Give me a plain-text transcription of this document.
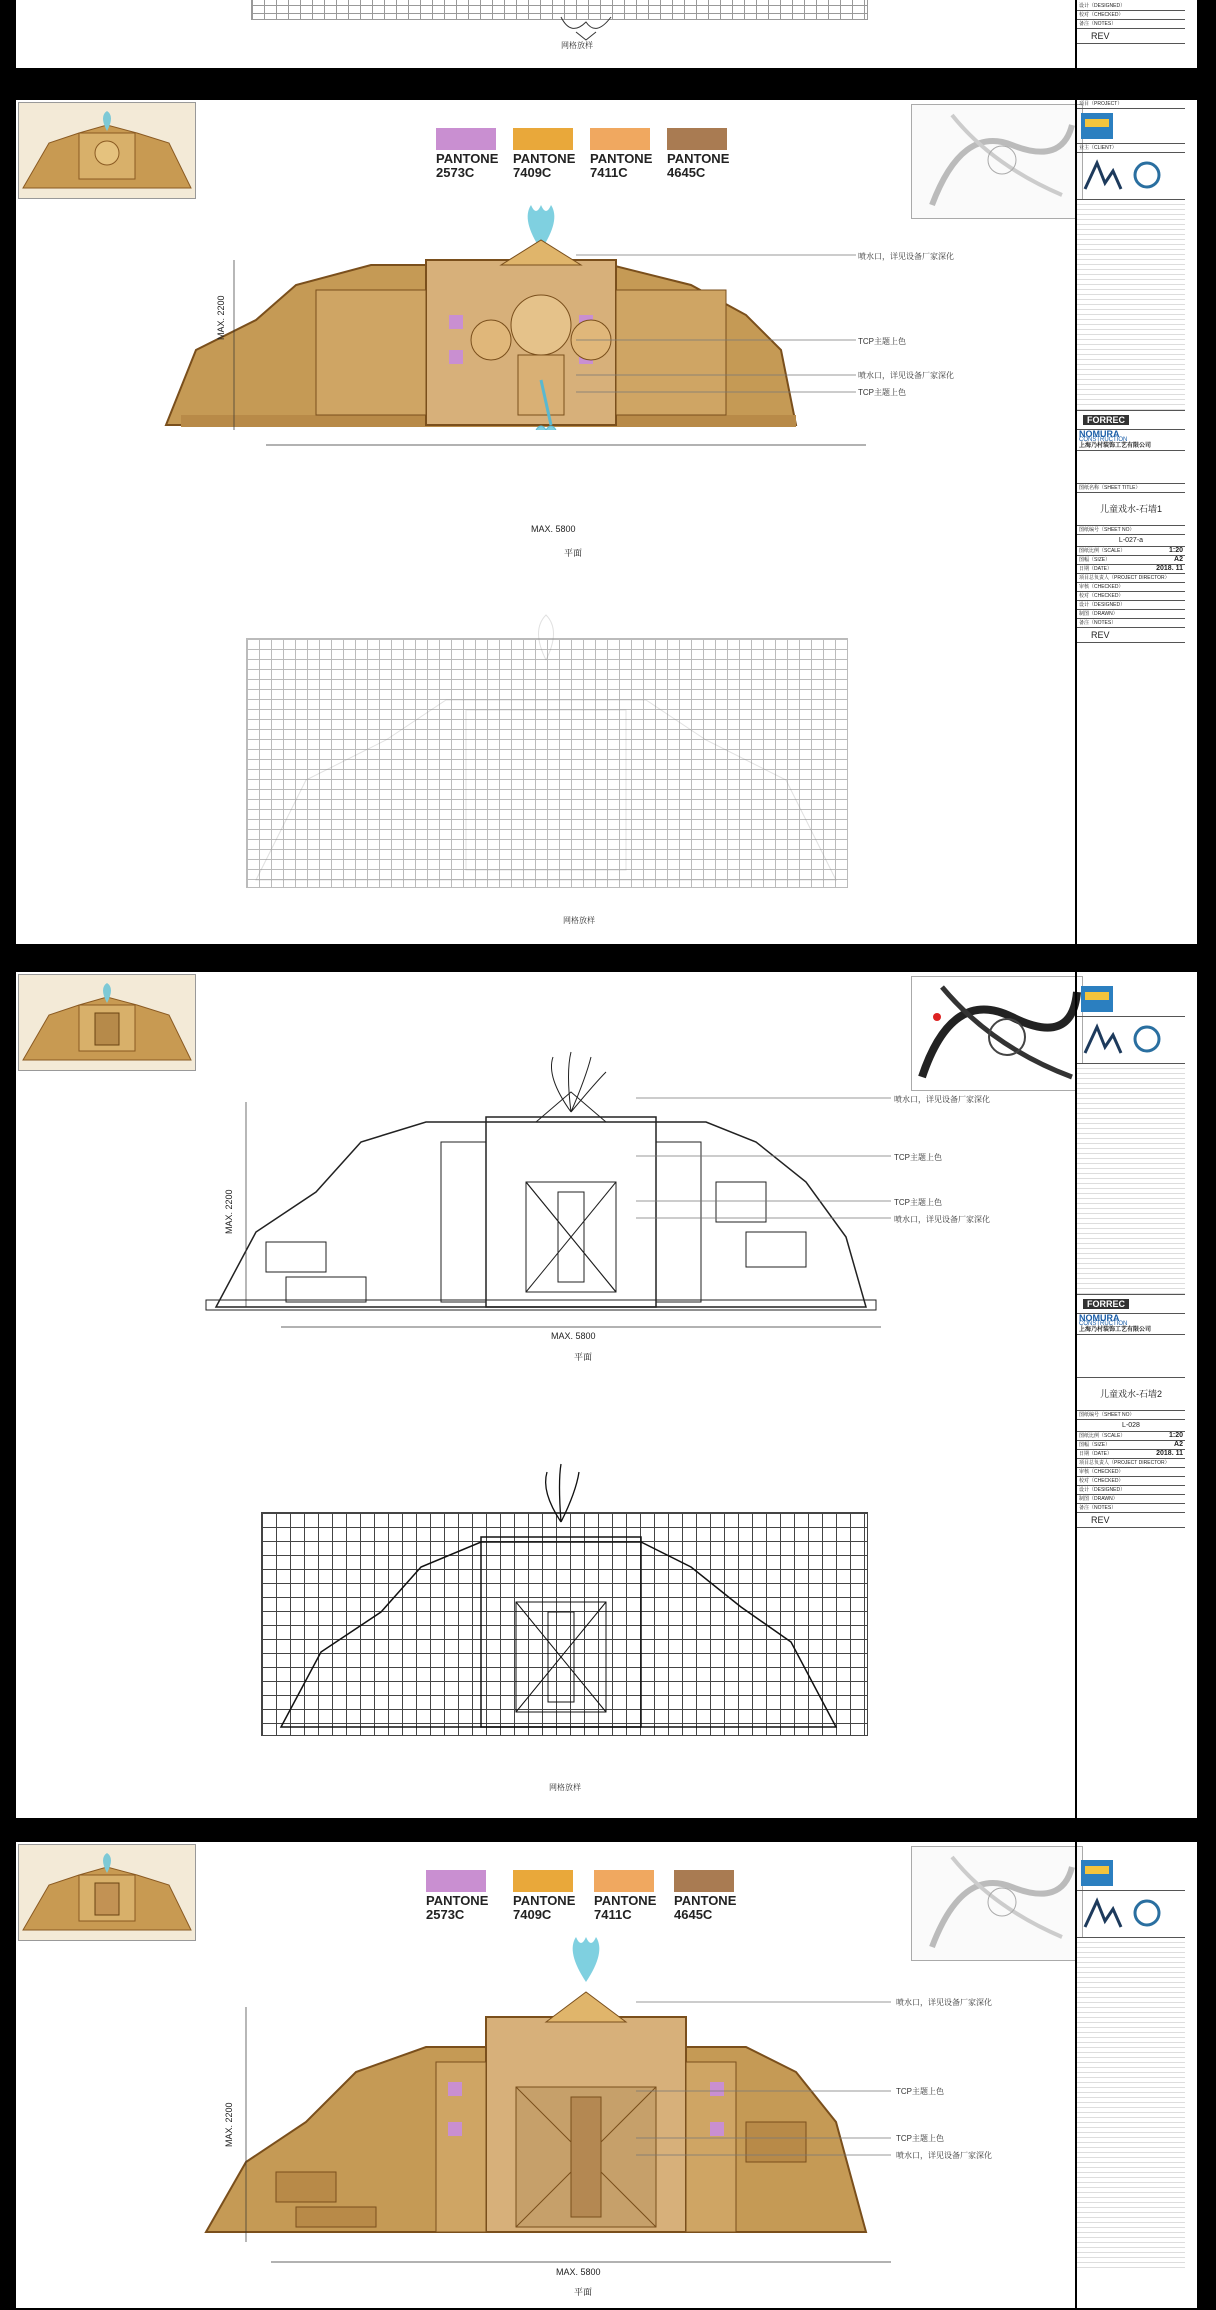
网格放样
设计（DESIGNED）
校对（CHECKED）
备注（NOTES）
REV
PANTONE
2573C
PANTONE
7409C
PANTONE
7411C
PANTONE
4645C
喷水口，详见设备厂家深化
TCP主题上色
喷水口，详见设备厂家深化
TCP主题上色
MAX. 2200
MAX. 5800
平面
网格放样
项目（PROJECT）
业主（CLIENT）
FORREC
NOMURA
CONSTRUCTION
上海乃村装饰工艺有限公司
图纸名称（SHEET TITLE）
儿童戏水-石墙1
图纸编号（SHEET NO）
L-027-a
图纸比例（SCALE）	1:20
图幅（SIZE）	A2
日期（DATE）	2018. 11
项目总负责人（PROJECT DIRECTOR）
审核（CHECKED）
校对（CHECKED）
设计（DESIGNED）
制图（DRAWN）
备注（NOTES）
REV
喷水口，详见设备厂家深化
TCP主题上色
TCP主题上色
喷水口，详见设备厂家深化
MAX. 2200
MAX. 5800
平面
网格放样
FORREC
NOMURA
CONSTRUCTION
上海乃村装饰工艺有限公司
儿童戏水-石墙2
图纸编号（SHEET NO）
L-028
图纸比例（SCALE）	1:20
图幅（SIZE）	A2
日期（DATE）	2018. 11
项目总负责人（PROJECT DIRECTOR）
审核（CHECKED）
校对（CHECKED）
设计（DESIGNED）
制图（DRAWN）
备注（NOTES）
REV
PANTONE
2573C
PANTONE
7409C
PANTONE
7411C
PANTONE
4645C
喷水口，详见设备厂家深化
TCP主题上色
TCP主题上色
喷水口，详见设备厂家深化
MAX. 2200
MAX. 5800
平面
